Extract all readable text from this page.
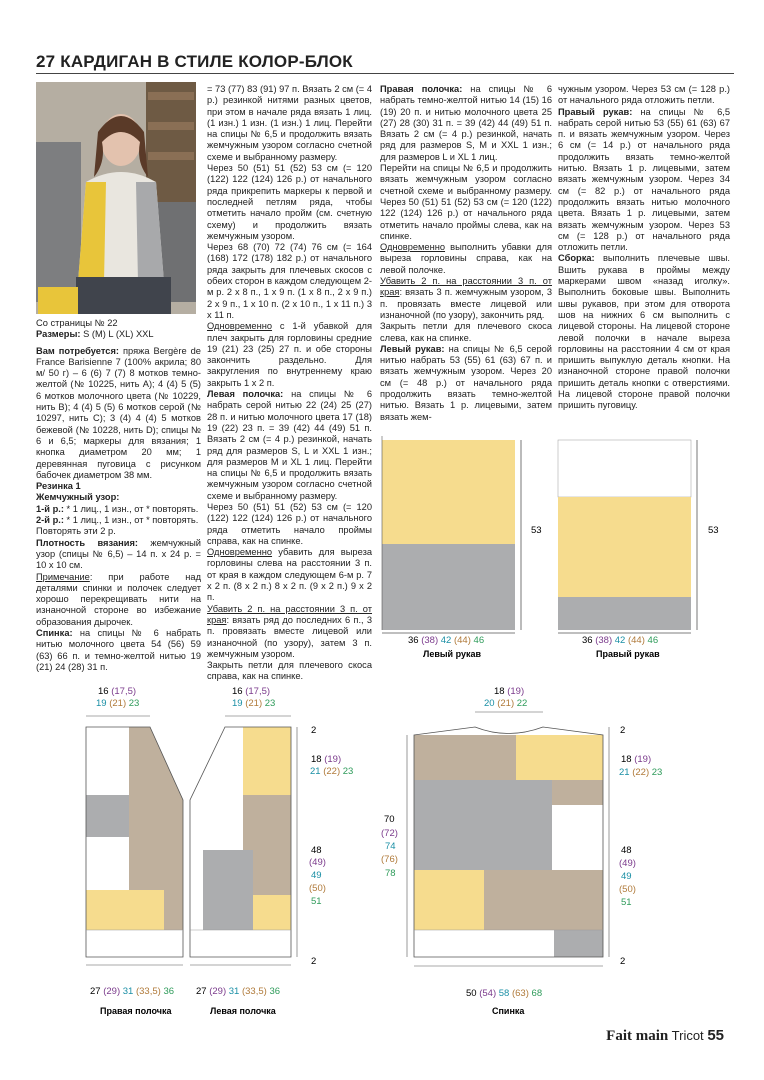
27 КАРДИГАН В СТИЛЕ КОЛОР-БЛОК

Со страницы № 22

Размеры: S (M) L (XL) XXL

Вам потребуется: пряжа Bergère de France Barisienne 7 (100% акрила; 80 м/ 50 г) – 6 (6) 7 (7) 8 мотков темно-желтой (№ 10225, нить A); 4 (4) 5 (5) 6 мотков молочного цвета (№ 10229, нить B); 4 (4) 5 (5) 6 мотков серой (№ 10297, нить C); 3 (4) 4 (4) 5 мотков бежевой (№ 10228, нить D); спицы № 6 и 6,5; маркеры для вязания; 1 кнопка диаметром 20 мм; 1 деревянная пуговица с рисунком бабочек диаметром 38 мм.

Резинка 1

Жемчужный узор:

1-й р.: * 1 лиц., 1 изн., от * повторять.

2-й р.: * 1 лиц., 1 изн., от * повторять.

Повторять эти 2 р.

Плотность вязания: жемчужный узор (спицы № 6,5) – 14 п. х 24 р. = 10 х 10 см.

Примечание: при работе над деталями спинки и полочек следует хорошо перекрещивать нити на изнаночной стороне во избежание образования дырочек.

Спинка: на спицы № 6 набрать нитью молочного цвета 54 (56) 59 (63) 66 п. и темно-желтой нитью 19 (21) 24 (28) 31 п.

= 73 (77) 83 (91) 97 п. Вязать 2 см (= 4 р.) резинкой нитями разных цветов, при этом в начале ряда вязать 1 лиц. (1 изн.) 1 изн. (1 изн.) 1 лиц. Перейти на спицы № 6,5 и продолжить вязать жемчужным узором согласно счетной схеме и выбранному размеру.

Через 50 (51) 51 (52) 53 см (= 120 (122) 122 (124) 126 р.) от начального ряда прикрепить маркеры к первой и последней петлям ряда, чтобы отметить начало пройм (см. счетную схему) и продолжить вязать жемчужным узором.

Через 68 (70) 72 (74) 76 см (= 164 (168) 172 (178) 182 р.) от начального ряда закрыть для плечевых скосов с обеих сторон в каждом следующем 2-м р. 2 х 8 п., 1 х 9 п. (1 х 8 п., 2 х 9 п.) 2 х 9 п., 1 х 10 п. (2 х 10 п., 1 х 11 п.) 3 х 11 п.

Одновременно с 1-й убавкой для плеч закрыть для горловины средние 19 (21) 23 (25) 27 п. и обе стороны закончить раздельно. Для закругления по внутреннему краю закрыть 1 х 2 п.

Левая полочка: на спицы № 6 набрать серой нитью 22 (24) 25 (27) 28 п. и нитью молочного цвета 17 (18) 19 (22) 23 п. = 39 (42) 44 (49) 51 п. Вязать 2 см (= 4 р.) резинкой, начать ряд для размеров S, L и XXL 1 изн.; для размеров M и XL 1 лиц. Перейти на спицы № 6,5 и продолжить вязать жемчужным узором согласно счетной схеме и выбранному размеру.

Через 50 (51) 51 (52) 53 см (= 120 (122) 122 (124) 126 р.) от начального ряда отметить начало проймы справа, как на спинке.

Одновременно убавить для выреза горловины слева на расстоянии 3 п. от края в каждом следующем 6-м р. 7 х 2 п. (8 х 2 п.) 8 х 2 п. (9 х 2 п.) 9 х 2 п.

Убавить 2 п. на расстоянии 3 п. от края: вязать ряд до последних 6 п., 3 п. провязать вместе лицевой или изнаночной (по узору), затем 3 п. жемчужным узором.

Закрыть петли для плечевого скоса справа, как на спинке.

Правая полочка: на спицы № 6 набрать темно-желтой нитью 14 (15) 16 (19) 20 п. и нитью молочного цвета 25 (27) 28 (30) 31 п. = 39 (42) 44 (49) 51 п. Вязать 2 см (= 4 р.) резинкой, начать ряд для размеров S, M и XXL 1 изн.; для размеров L и XL 1 лиц.

Перейти на спицы № 6,5 и продолжить вязать жемчужным узором согласно счетной схеме и выбранному размеру. Через 50 (51) 51 (52) 53 см (= 120 (122) 122 (124) 126 р.) от начального ряда отметить начало проймы слева, как на спинке.

Одновременно выполнить убавки для выреза горловины справа, как на левой полочке.

Убавить 2 п. на расстоянии 3 п. от края: вязать 3 п. жемчужным узором, 3 п. провязать вместе лицевой или изнаночной (по узору), закончить ряд.

Закрыть петли для плечевого скоса слева, как на спинке.

Левый рукав: на спицы № 6,5 серой нитью набрать 53 (55) 61 (63) 67 п. и вязать жемчужным узором. Через 20 см (= 48 р.) от начального ряда продолжить вязать темно-желтой нитью. Вязать 1 р. лицевыми, затем вязать жем-

чужным узором. Через 53 см (= 128 р.) от начального ряда отложить петли.

Правый рукав: на спицы № 6,5 набрать серой нитью 53 (55) 61 (63) 67 п. и вязать жемчужным узором. Через 6 см (= 14 р.) от начального ряда продолжить вязать темно-желтой нитью. Вязать 1 р. лицевыми, затем вязать жемчужным узором. Через 34 см (= 82 р.) от начального ряда продолжить вязать нитью молочного цвета. Вязать 1 р. лицевыми, затем вязать жемчужным узором. Через 53 см (= 128 р.) от начального ряда отложить петли.

Сборка: выполнить плечевые швы. Вшить рукава в проймы между маркерами швом «назад иголку». Выполнить боковые швы. Выполнить швы рукавов, при этом для отворота шов на нижних 6 см выполнить с лицевой стороны. На лицевой стороне левой полочки в начале выреза горловины на расстоянии 4 см от края пришить выпуклую деталь кнопки. На изнаночной стороне правой полочки пришить деталь кнопки с отверстиями. На лицевой стороне правой полочки пришить пуговицу.

53
36 (38) 42 (44) 46
Левый рукав
53
36 (38) 42 (44) 46
Правый рукав
16 (17,5)
19 (21) 23
27 (29) 31 (33,5) 36
Правая полочка
16 (17,5)
19 (21) 23
2
18 (19)
21 (22) 23
48
(49)
49
(50)
51
2
27 (29) 31 (33,5) 36
Левая полочка
18 (19)
20 (21) 22
70
(72)
74
(76)
78
2
18 (19)
21 (22) 23
48
(49)
49
(50)
51
2
50 (54) 58 (63) 68
Спинка
Fait main Tricot 55
